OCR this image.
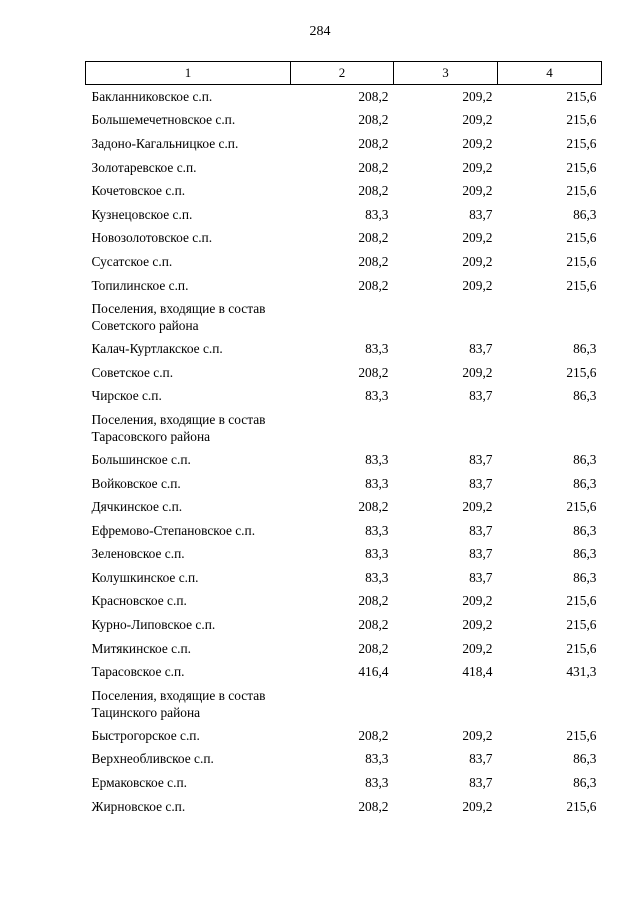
284
1	2	3	4
Бакланниковское с.п.	208,2	209,2	215,6
Большемечетновское с.п.	208,2	209,2	215,6
Задоно-Кагальницкое с.п.	208,2	209,2	215,6
Золотаревское с.п.	208,2	209,2	215,6
Кочетовское с.п.	208,2	209,2	215,6
Кузнецовское с.п.	83,3	83,7	86,3
Новозолотовское с.п.	208,2	209,2	215,6
Сусатское с.п.	208,2	209,2	215,6
Топилинское с.п.	208,2	209,2	215,6
Поселения, входящие в состав Советского района			
Калач-Куртлакское с.п.	83,3	83,7	86,3
Советское с.п.	208,2	209,2	215,6
Чирское с.п.	83,3	83,7	86,3
Поселения, входящие в состав Тарасовского района			
Большинское с.п.	83,3	83,7	86,3
Войковское с.п.	83,3	83,7	86,3
Дячкинское с.п.	208,2	209,2	215,6
Ефремово-Степановское с.п.	83,3	83,7	86,3
Зеленовское с.п.	83,3	83,7	86,3
Колушкинское с.п.	83,3	83,7	86,3
Красновское с.п.	208,2	209,2	215,6
Курно-Липовское с.п.	208,2	209,2	215,6
Митякинское с.п.	208,2	209,2	215,6
Тарасовское с.п.	416,4	418,4	431,3
Поселения, входящие в состав Тацинского района			
Быстрогорское с.п.	208,2	209,2	215,6
Верхнеобливское с.п.	83,3	83,7	86,3
Ермаковское с.п.	83,3	83,7	86,3
Жирновское с.п.	208,2	209,2	215,6
